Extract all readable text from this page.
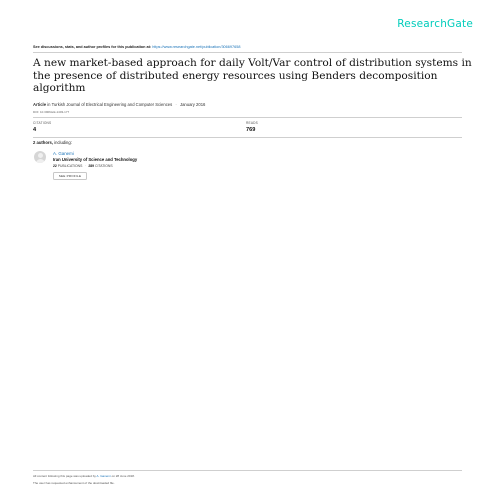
ResearchGate
See discussions, stats, and author profiles for this publication at: https://www.researchgate.net/publication/306697658
A new market-based approach for daily Volt/Var control of distribution systems in the presence of distributed energy resources using Benders decomposition algorithm
Article in Turkish Journal of Electrical Engineering and Computer Sciences · January 2016
DOI: 10.3906/elk-1403-177
CITATIONS
4
READS
769
2 authors, including:
A. Ganemi
Iran University of Science and Technology
22 PUBLICATIONS · 289 CITATIONS
SEE PROFILE
All content following this page was uploaded by A. Ganemi on 28 June 2018.
The user has requested enhancement of the downloaded file.
